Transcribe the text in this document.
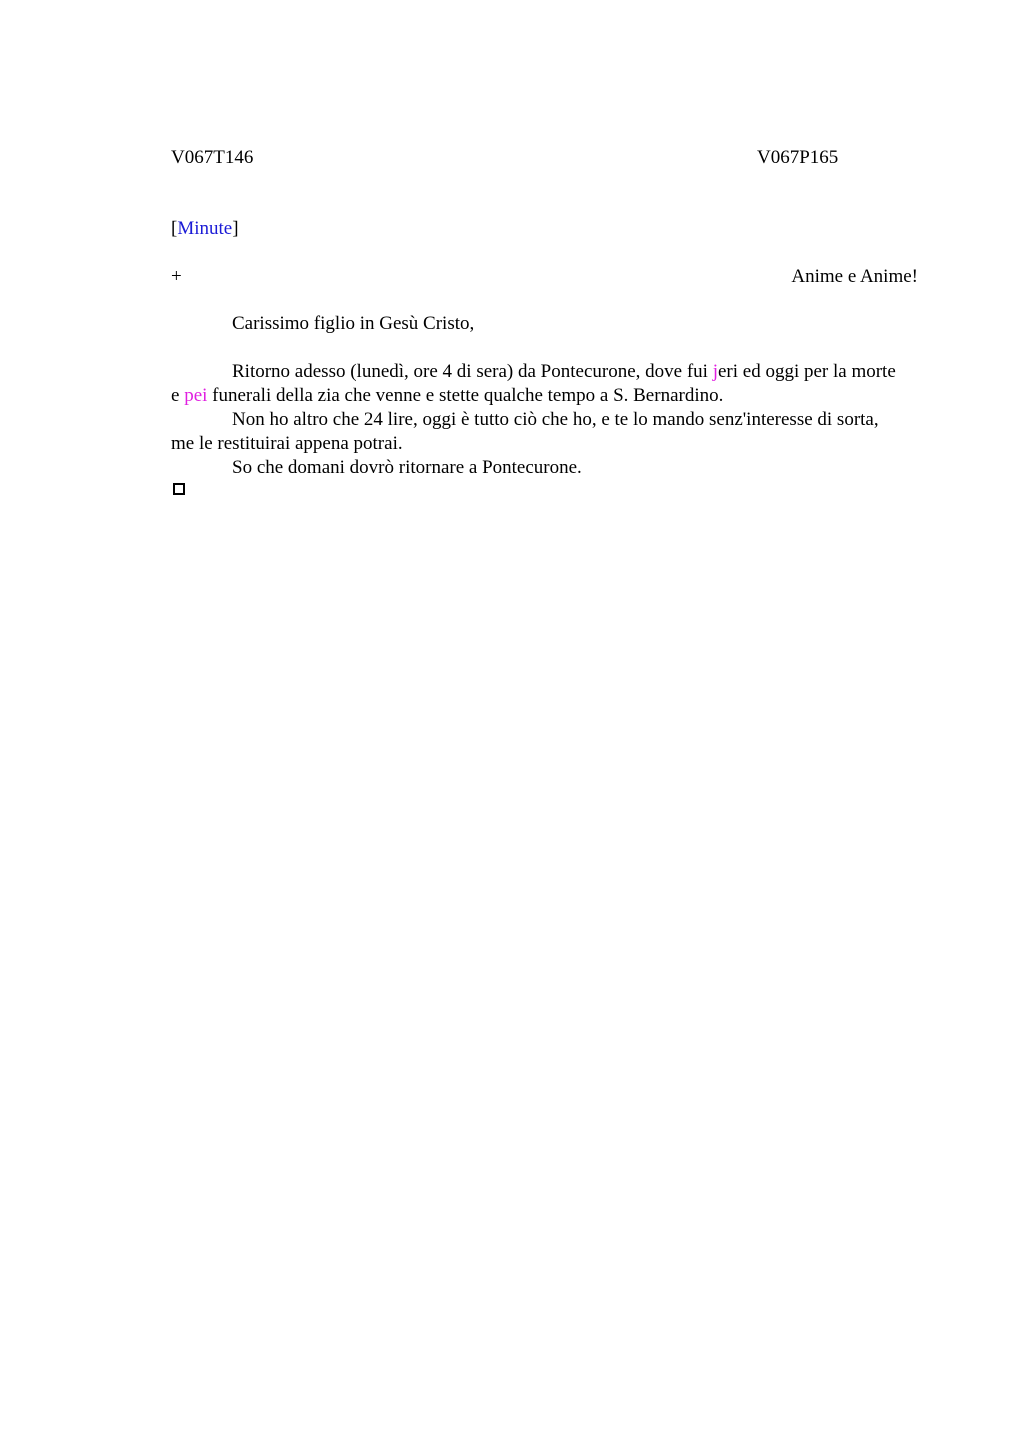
V067T146	V067P165
[Minute]
+	Anime e Anime!
Carissimo figlio in Gesù Cristo,

Ritorno adesso (lunedì, ore 4 di sera) da Pontecurone, dove fui jeri ed oggi per la morte e pei funerali della zia che venne e stette qualche tempo a S. Bernardino.

Non ho altro che 24 lire, oggi è tutto ciò che ho, e te lo mando senz'interesse di sorta, me le restituirai appena potrai.

So che domani dovrò ritornare a Pontecurone.
